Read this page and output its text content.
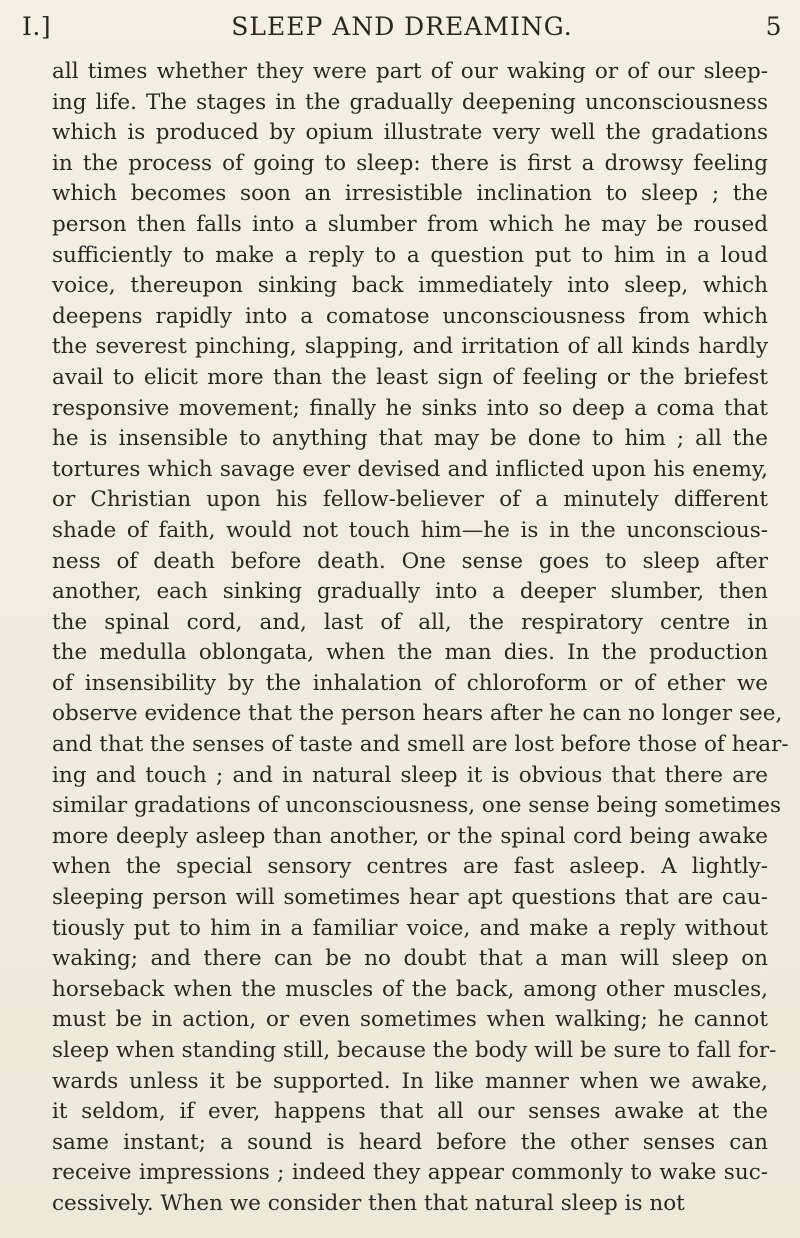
I.]	SLEEP AND DREAMING.	5
all times whether they were part of our waking or of our sleep-
ing life. The stages in the gradually deepening unconsciousness
which is produced by opium illustrate very well the gradations
in the process of going to sleep: there is first a drowsy feeling
which becomes soon an irresistible inclination to sleep ; the
person then falls into a slumber from which he may be roused
sufficiently to make a reply to a question put to him in a loud
voice, thereupon sinking back immediately into sleep, which
deepens rapidly into a comatose unconsciousness from which
the severest pinching, slapping, and irritation of all kinds hardly
avail to elicit more than the least sign of feeling or the briefest
responsive movement; finally he sinks into so deep a coma that
he is insensible to anything that may be done to him ; all the
tortures which savage ever devised and inflicted upon his enemy,
or Christian upon his fellow-believer of a minutely different
shade of faith, would not touch him—he is in the unconscious-
ness of death before death. One sense goes to sleep after
another, each sinking gradually into a deeper slumber, then
the spinal cord, and, last of all, the respiratory centre in
the medulla oblongata, when the man dies. In the production
of insensibility by the inhalation of chloroform or of ether we
observe evidence that the person hears after he can no longer see,
and that the senses of taste and smell are lost before those of hear-
ing and touch ; and in natural sleep it is obvious that there are
similar gradations of unconsciousness, one sense being sometimes
more deeply asleep than another, or the spinal cord being awake
when the special sensory centres are fast asleep. A lightly-
sleeping person will sometimes hear apt questions that are cau-
tiously put to him in a familiar voice, and make a reply without
waking; and there can be no doubt that a man will sleep on
horseback when the muscles of the back, among other muscles,
must be in action, or even sometimes when walking; he cannot
sleep when standing still, because the body will be sure to fall for-
wards unless it be supported. In like manner when we awake,
it seldom, if ever, happens that all our senses awake at the
same instant; a sound is heard before the other senses can
receive impressions ; indeed they appear commonly to wake suc-
cessively. When we consider then that natural sleep is not
